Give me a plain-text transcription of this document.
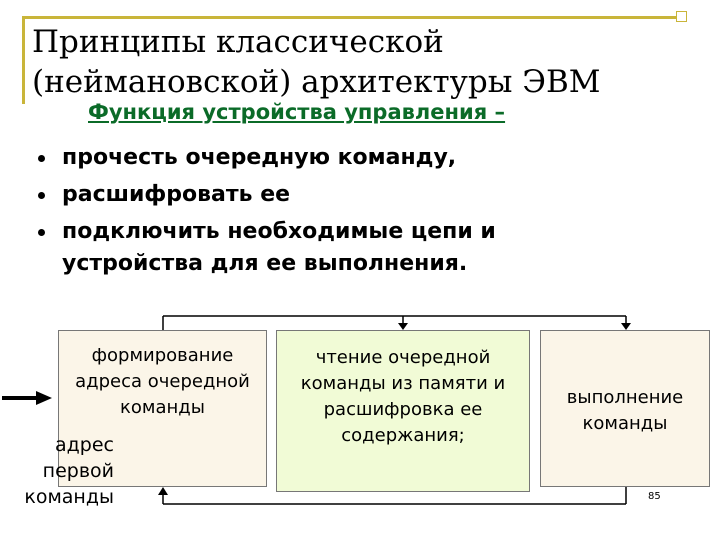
Принципы классической (неймановской) архитектуры ЭВМ
Функция устройства управления –
прочесть очередную команду,
расшифровать ее
подключить необходимые цепи и устройства для ее выполнения.
формирование адреса очередной команды
чтение очередной команды из памяти и расшифровка ее содержания;
выполнение команды
адрес первой команды	85
